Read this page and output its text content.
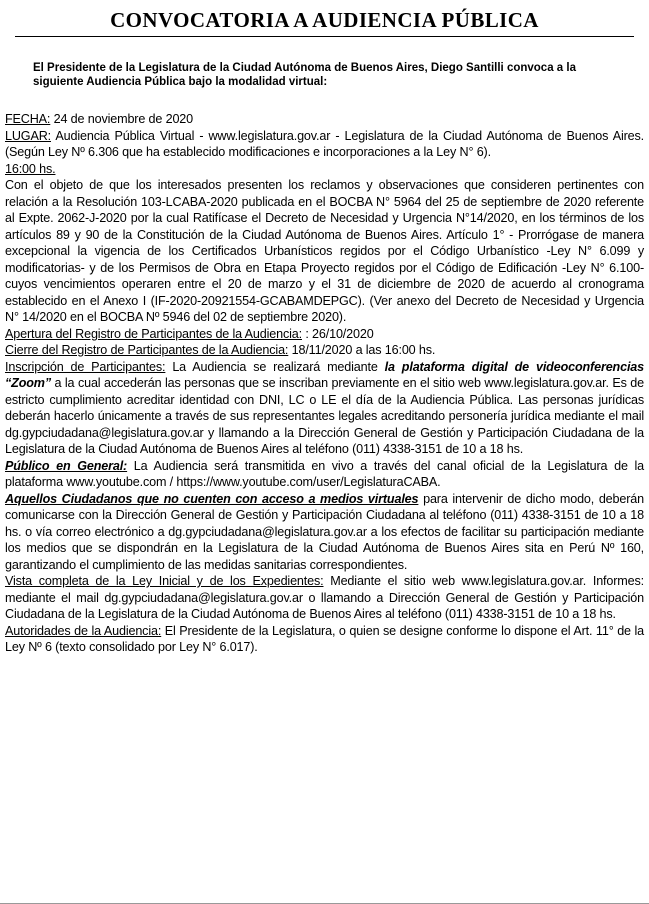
CONVOCATORIA A AUDIENCIA PÚBLICA

El Presidente de la Legislatura de la Ciudad Autónoma de Buenos Aires, Diego Santilli convoca a la siguiente Audiencia Pública bajo la modalidad virtual:

FECHA: 24 de noviembre de 2020

LUGAR: Audiencia Pública Virtual - www.legislatura.gov.ar - Legislatura de la Ciudad Autónoma de Buenos Aires. (Según Ley Nº 6.306 que ha establecido modificaciones e incorporaciones a la Ley N° 6).

16:00 hs.

Con el objeto de que los interesados presenten los reclamos y observaciones que consideren pertinentes con relación a la Resolución 103-LCABA-2020 publicada en el BOCBA N° 5964 del 25 de septiembre de 2020 referente al Expte. 2062-J-2020 por la cual Ratifícase el Decreto de Necesidad y Urgencia N°14/2020, en los términos de los artículos 89 y 90 de la Constitución de la Ciudad Autónoma de Buenos Aires. Artículo 1° - Prorrógase de manera excepcional la vigencia de los Certificados Urbanísticos regidos por el Código Urbanístico -Ley N° 6.099 y modificatorias- y de los Permisos de Obra en Etapa Proyecto regidos por el Código de Edificación -Ley N° 6.100- cuyos vencimientos operaren entre el 20 de marzo y el 31 de diciembre de 2020 de acuerdo al cronograma establecido en el Anexo I (IF-2020-20921554-GCABAMDEPGC). (Ver anexo del Decreto de Necesidad y Urgencia N° 14/2020 en el BOCBA Nº 5946 del 02 de septiembre 2020).

Apertura del Registro de Participantes de la Audiencia: : 26/10/2020

Cierre del Registro de Participantes de la Audiencia: 18/11/2020 a las 16:00 hs.

Inscripción de Participantes: La Audiencia se realizará mediante la plataforma digital de videoconferencias “Zoom” a la cual accederán las personas que se inscriban previamente en el sitio web www.legislatura.gov.ar. Es de estricto cumplimiento acreditar identidad con DNI, LC o LE el día de la Audiencia Pública. Las personas jurídicas deberán hacerlo únicamente a través de sus representantes legales acreditando personería jurídica mediante el mail dg.gypciudadana@legislatura.gov.ar y llamando a la Dirección General de Gestión y Participación Ciudadana de la Legislatura de la Ciudad Autónoma de Buenos Aires al teléfono (011) 4338-3151 de 10 a 18 hs.

Público en General: La Audiencia será transmitida en vivo a través del canal oficial de la Legislatura de la plataforma www.youtube.com / https://www.youtube.com/user/LegislaturaCABA.

Aquellos Ciudadanos que no cuenten con acceso a medios virtuales para intervenir de dicho modo, deberán comunicarse con la Dirección General de Gestión y Participación Ciudadana al teléfono (011) 4338-3151 de 10 a 18 hs. o vía correo electrónico a dg.gypciudadana@legislatura.gov.ar a los efectos de facilitar su participación mediante los medios que se dispondrán en la Legislatura de la Ciudad Autónoma de Buenos Aires sita en Perú Nº 160, garantizando el cumplimiento de las medidas sanitarias correspondientes.

Vista completa de la Ley Inicial y de los Expedientes: Mediante el sitio web www.legislatura.gov.ar. Informes: mediante el mail dg.gypciudadana@legislatura.gov.ar o llamando a Dirección General de Gestión y Participación Ciudadana de la Legislatura de la Ciudad Autónoma de Buenos Aires al teléfono (011) 4338-3151 de 10 a 18 hs.

Autoridades de la Audiencia: El Presidente de la Legislatura, o quien se designe conforme lo dispone el Art. 11° de la Ley Nº 6 (texto consolidado por Ley N° 6.017).
